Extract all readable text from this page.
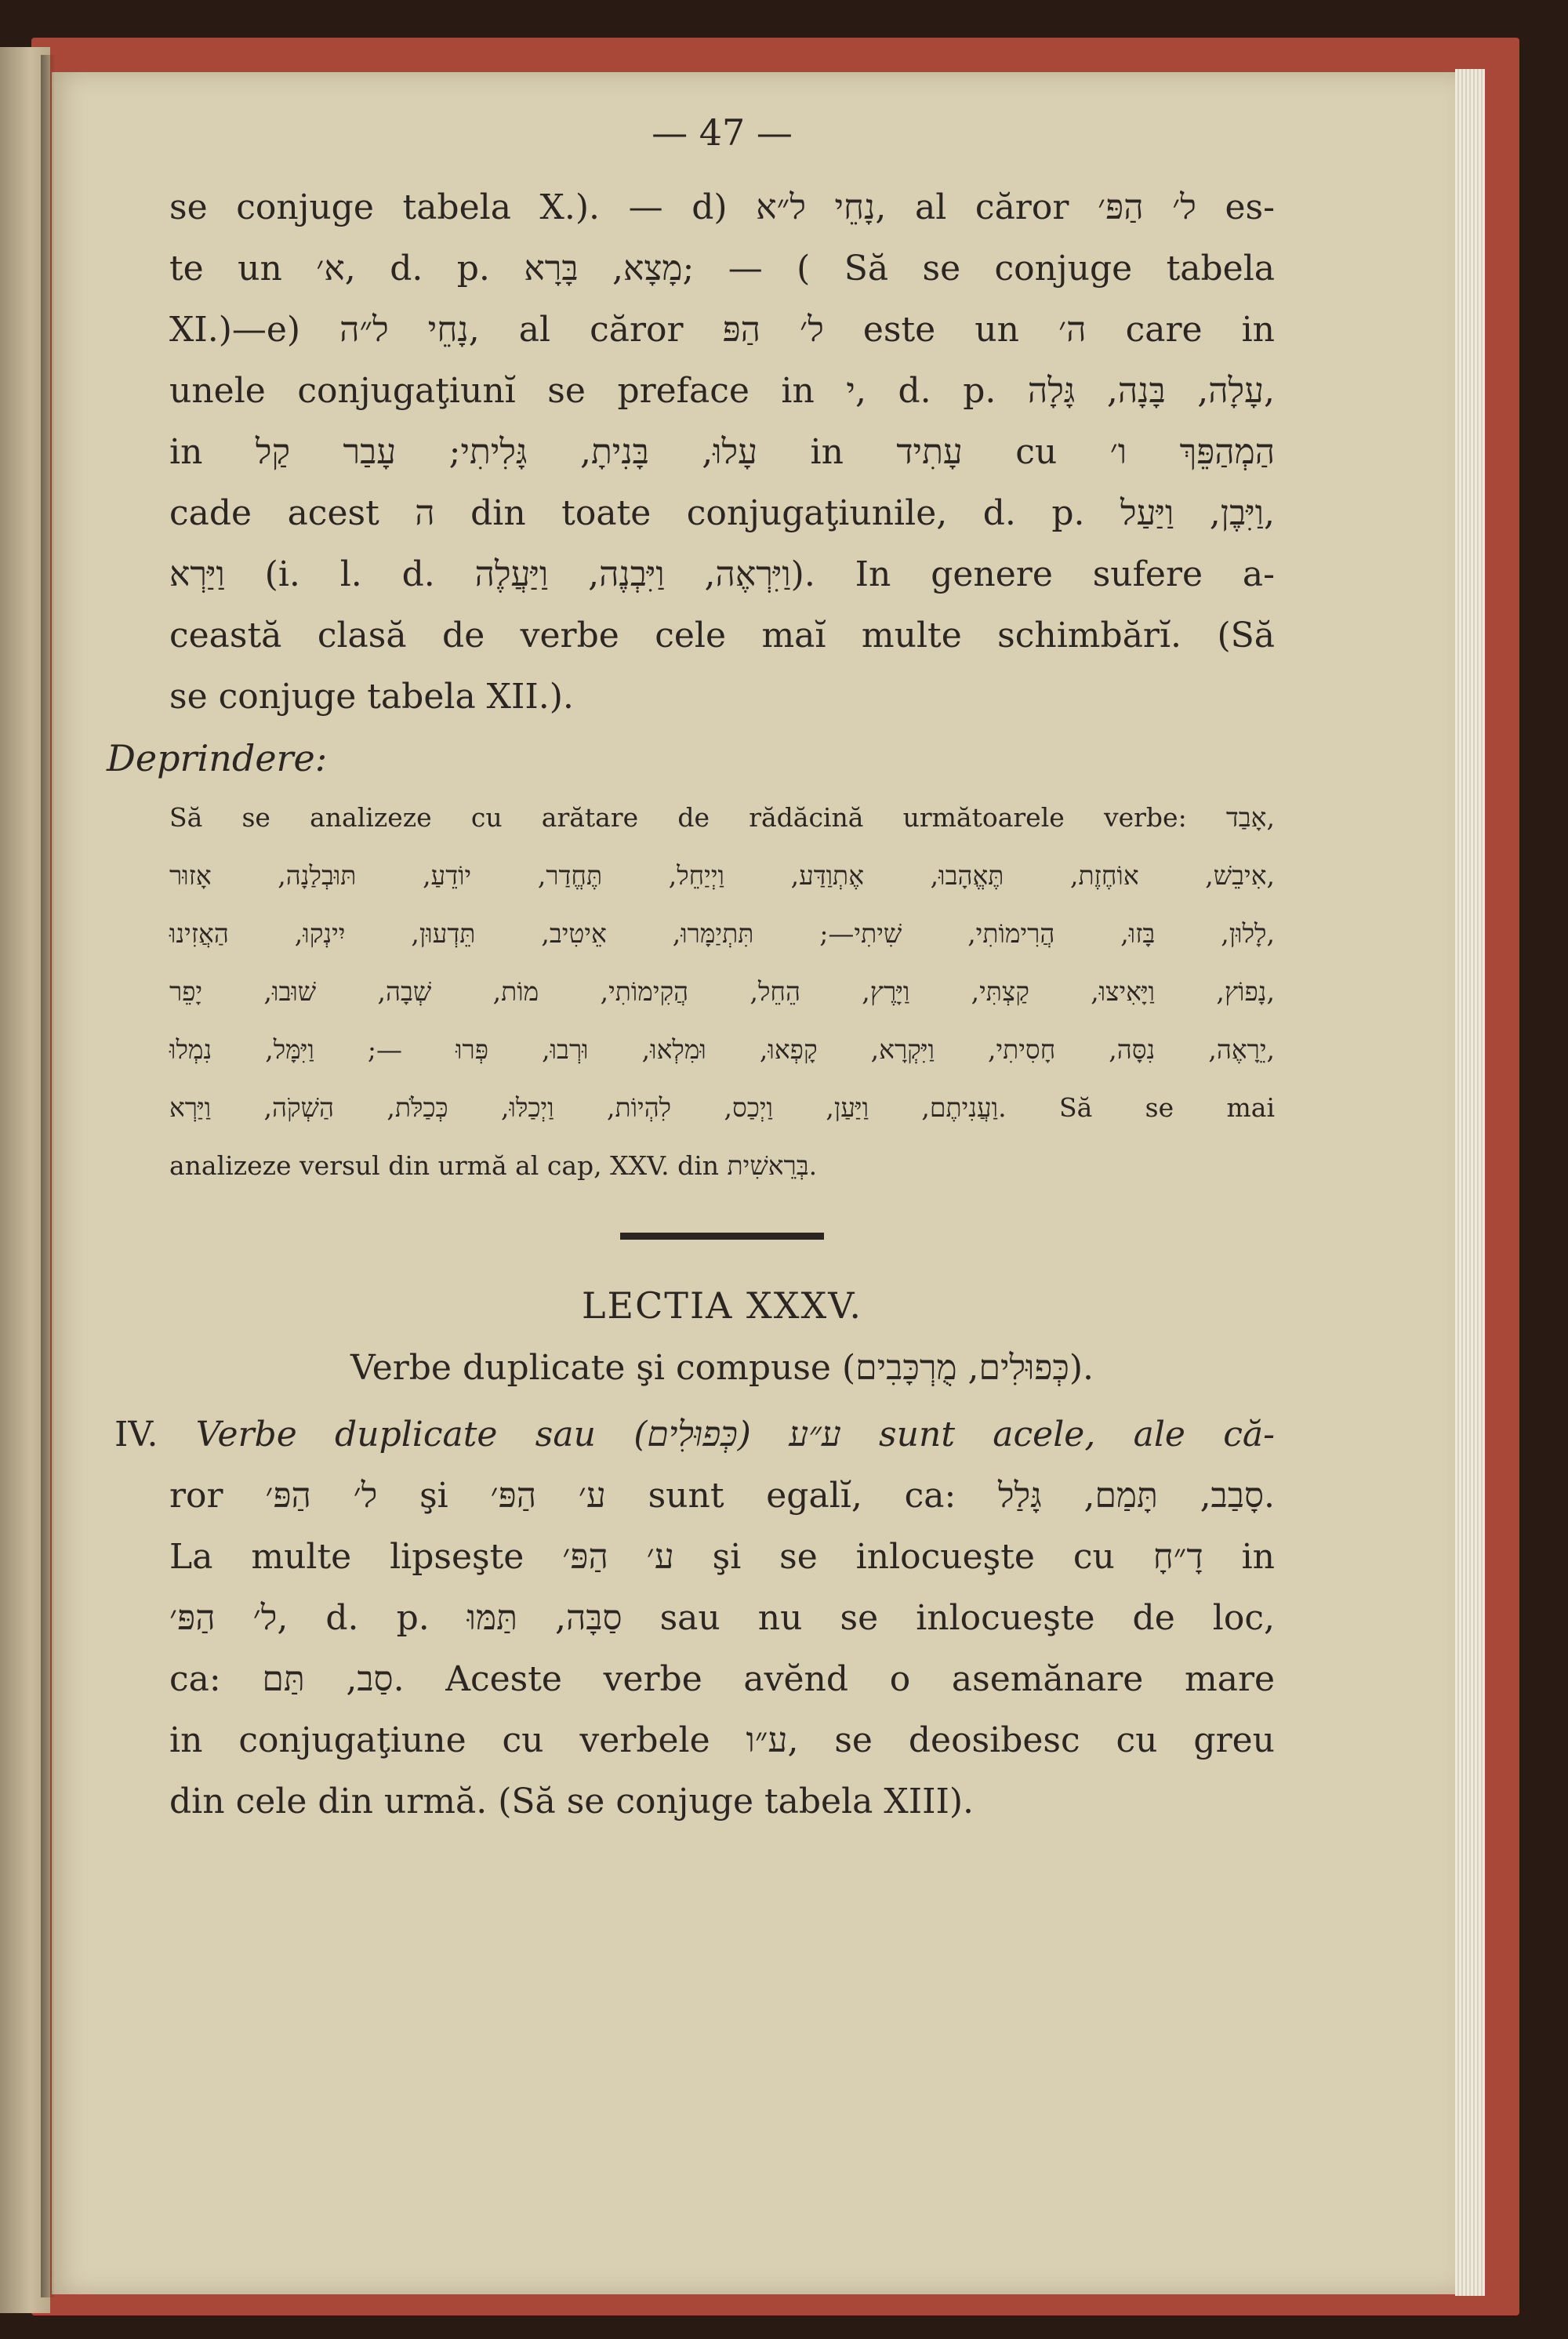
— 47 —
se conjuge tabela X.). — d) נָחֵי ל״א, al căror ל׳ הַפּ׳ es-
te un א׳, d. p. מָצָא, בָּרָא; — ( Să se conjuge tabela
XI.)—e) נָחֵי ל״ה, al căror ל׳ הַפּ este un ה׳ care in
unele conjugaţiunĭ se preface in י, d. p. עָלָה, בָּנָה, גָּלָה,
in עָלוּ, בָּנִיתָ, גָּלִיתִי; עָבַר קַל in עָתִיד cu הַמְהַפֵּךְ ו׳
cade acest ה din toate conjugaţiunile, d. p. וַיִּבֶן, וַיַּעַל,
וַיַּרְא (i. l. d. וַיִּרְאֶה, וַיִּבְנֶה, וַיַּעֲלֶה). In genere sufere a-
ceastă clasă de verbe cele maĭ multe schimbărĭ. (Să
se conjuge tabela XII.).
Deprindere:
Să se analizeze cu arătare de rădăcină următoarele verbe: אָבַד,
אִיבֵשׁ, אוֹחֶזֶת, תֶּאֱהָבוּ, אֶתְוַדַּע, וַיְיַחֵל, תֶּחֱדַר, יוֹדֵעַ, תּוּבְלַנָה, אָזוּר,
לָלוּן, בָּזוּ, הֲרִימוֹתִי, שִׁיתִי—; תִּתְיַמָּרוּ, אֵיטִיב, תֵּדְעוּן, יִינְקוּ, הַאֲזִינוּ,
נָפוֹץ, וַיָּאִיצוּ, קַצְתִּי, וַיָּרֶץ, הֵחֵל, הֲקִימוֹתִי, מוֹת, שְׁבָה, שׁוּבוּ, יָפֵר,
יֵרָאֶה, נִסָּה, חָסִיתִי, וַיִּקְרָא, קָפְאוּ, וּמִלְאוּ, וּרְבוּ, פְּרוּ —; וַיִּמָּל, נִמְלוּ,
וַעֲנִיתֶם, וַיַּעַן, וַיְכַס, לִהְיוֹת, וַיְכַלּוּ, כְּכַלֹּת, הַשְׁקֹה, וַיַּרְא. Să se mai
analizeze versul din urmă al cap, XXV. din בְּרֵאשִׁית.
LECTIA XXXV.
Verbe duplicate şi compuse (כְּפוּלִים, מֻרְכָּבִים).
IV. Verbe duplicate sau ע״ע (כְּפוּלִים) sunt acele, ale că-
ror ל׳ הַפּ׳ şi ע׳ הַפּ׳ sunt egalĭ, ca: סָבַב, תָּמַם, גָּלַל.
La multe lipseşte ע׳ הַפּ׳ şi se inlocueşte cu דָ״חָ in
ל׳ הַפּ׳, d. p. סַבָּה, תַּמּוּ sau nu se inlocueşte de loc,
ca: סַב, תַּם. Aceste verbe avĕnd o asemănare mare
in conjugaţiune cu verbele ע״ו, se deosibesc cu greu
din cele din urmă. (Să se conjuge tabela XIII).
